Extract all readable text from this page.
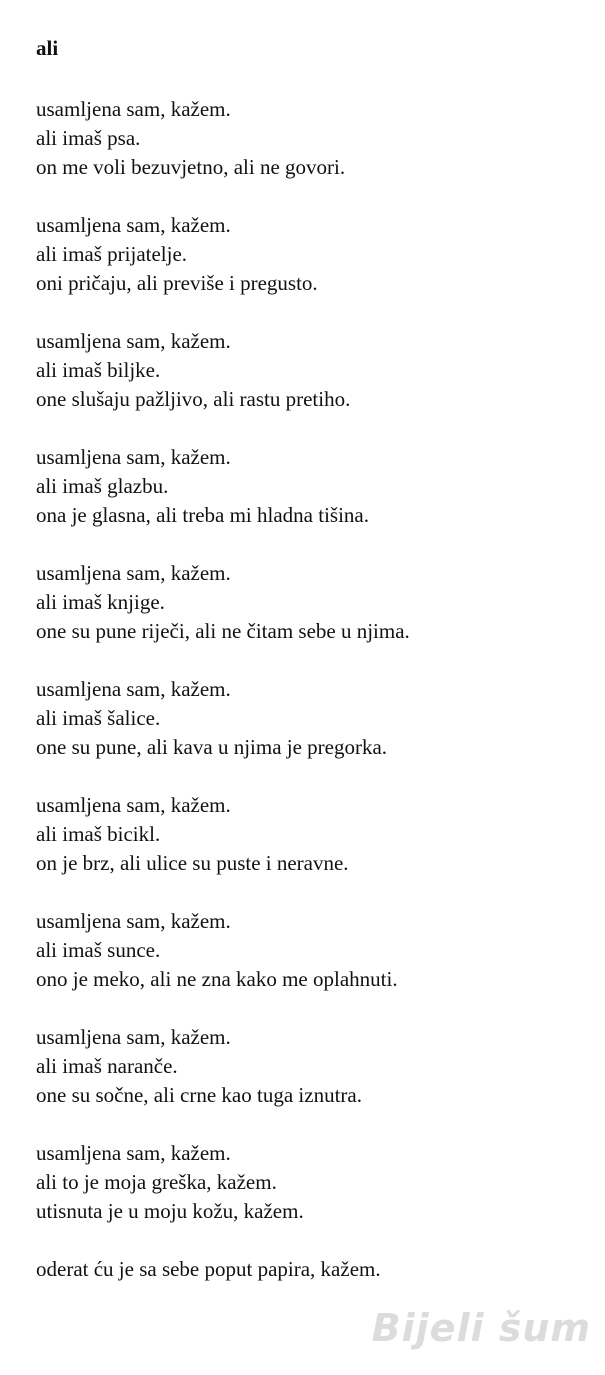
ali
usamljena sam, kažem.
ali imaš psa.
on me voli bezuvjetno, ali ne govori.
usamljena sam, kažem.
ali imaš prijatelje.
oni pričaju, ali previše i pregusto.
usamljena sam, kažem.
ali imaš biljke.
one slušaju pažljivo, ali rastu pretiho.
usamljena sam, kažem.
ali imaš glazbu.
ona je glasna, ali treba mi hladna tišina.
usamljena sam, kažem.
ali imaš knjige.
one su pune riječi, ali ne čitam sebe u njima.
usamljena sam, kažem.
ali imaš šalice.
one su pune, ali kava u njima je pregorka.
usamljena sam, kažem.
ali imaš bicikl.
on je brz, ali ulice su puste i neravne.
usamljena sam, kažem.
ali imaš sunce.
ono je meko, ali ne zna kako me oplahnuti.
usamljena sam, kažem.
ali imaš naranče.
one su sočne, ali crne kao tuga iznutra.
usamljena sam, kažem.
ali to je moja greška, kažem.
utisnuta je u moju kožu, kažem.
oderat ću je sa sebe poput papira, kažem.
Bijeli šum
